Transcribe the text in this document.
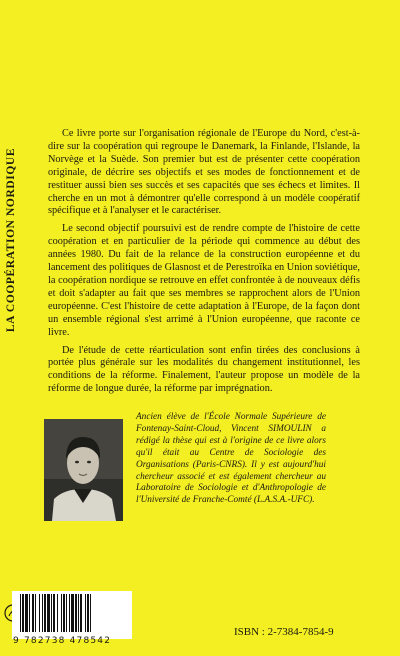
LA COOPÉRATION NORDIQUE

Ce livre porte sur l'organisation régionale de l'Europe du Nord, c'est-à-dire sur la coopération qui regroupe le Danemark, la Finlande, l'Islande, la Norvège et la Suède. Son premier but est de présenter cette coopération originale, de décrire ses objectifs et ses modes de fonctionnement et de restituer aussi bien ses succès et ses capacités que ses échecs et limites. Il cherche en un mot à démontrer qu'elle correspond à un modèle coopératif spécifique et à l'analyser et le caractériser.

Le second objectif poursuivi est de rendre compte de l'histoire de cette coopération et en particulier de la période qui commence au début des années 1980. Du fait de la relance de la construction européenne et du lancement des politiques de Glasnost et de Perestroïka en Union soviétique, la coopération nordique se retrouve en effet confrontée à de nouveaux défis et doit s'adapter au fait que ses membres se rapprochent alors de l'Union européenne. C'est l'histoire de cette adaptation à l'Europe, de la façon dont un ensemble régional s'est arrimé à l'Union européenne, que raconte ce livre.

De l'étude de cette réarticulation sont enfin tirées des conclusions à portée plus générale sur les modalités du changement institutionnel, les conditions de la réforme. Finalement, l'auteur propose un modèle de la réforme de longue durée, la réforme par imprégnation.

Ancien élève de l'École Normale Supérieure de Fontenay-Saint-Cloud, Vincent SIMOULIN a rédigé la thèse qui est à l'origine de ce livre alors qu'il était au Centre de Sociologie des Organisations (Paris-CNRS). Il y est aujourd'hui chercheur associé et est également chercheur au Laboratoire de Sociologie et d'Anthropologie de l'Université de Franche-Comté (L.A.S.A.-UFC).
9 782738 478542
ISBN : 2-7384-7854-9
